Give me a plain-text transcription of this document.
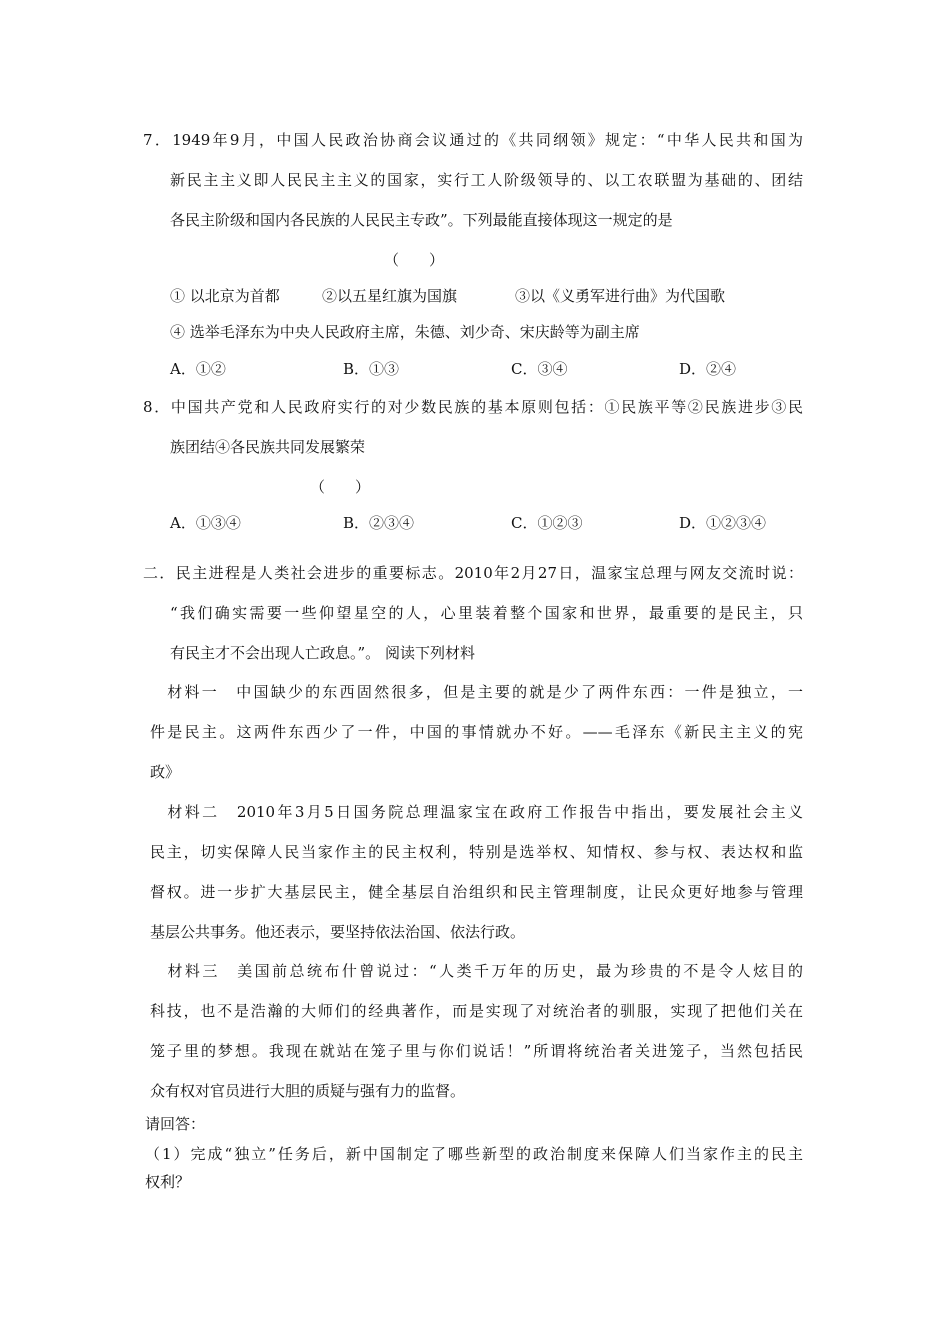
7．1949年9月，中国人民政治协商会议通过的《共同纲领》规定：“中华人民共和国为
新民主主义即人民民主主义的国家，实行工人阶级领导的、以工农联盟为基础的、团结
各民主阶级和国内各民族的人民民主专政”。下列最能直接体现这一规定的是
（　　）
① 以北京为首都	②以五星红旗为国旗	③以《义勇军进行曲》为代国歌
④ 选举毛泽东为中央人民政府主席，朱德、刘少奇、宋庆龄等为副主席
A．①②	B．①③	C．③④	D．②④
8．中国共产党和人民政府实行的对少数民族的基本原则包括：①民族平等②民族进步③民
族团结④各民族共同发展繁荣
（　　）
A．①③④	B．②③④	C．①②③	D．①②③④
二．民主进程是人类社会进步的重要标志。2010年2月27日，温家宝总理与网友交流时说：
“我们确实需要一些仰望星空的人，心里装着整个国家和世界，最重要的是民主，只
有民主才不会出现人亡政息。”。 阅读下列材料
　材料一　中国缺少的东西固然很多，但是主要的就是少了两件东西：一件是独立，一
件是民主。这两件东西少了一件，中国的事情就办不好。——毛泽东《新民主主义的宪
政》
　材料二　2010年3月5日国务院总理温家宝在政府工作报告中指出，要发展社会主义
民主，切实保障人民当家作主的民主权利，特别是选举权、知情权、参与权、表达权和监
督权。进一步扩大基层民主，健全基层自治组织和民主管理制度，让民众更好地参与管理
基层公共事务。他还表示，要坚持依法治国、依法行政。
　材料三　美国前总统布什曾说过：“人类千万年的历史，最为珍贵的不是令人炫目的
科技，也不是浩瀚的大师们的经典著作，而是实现了对统治者的驯服，实现了把他们关在
笼子里的梦想。我现在就站在笼子里与你们说话！”所谓将统治者关进笼子，当然包括民
众有权对官员进行大胆的质疑与强有力的监督。
请回答：
（1）完成“独立”任务后，新中国制定了哪些新型的政治制度来保障人们当家作主的民主
权利？
